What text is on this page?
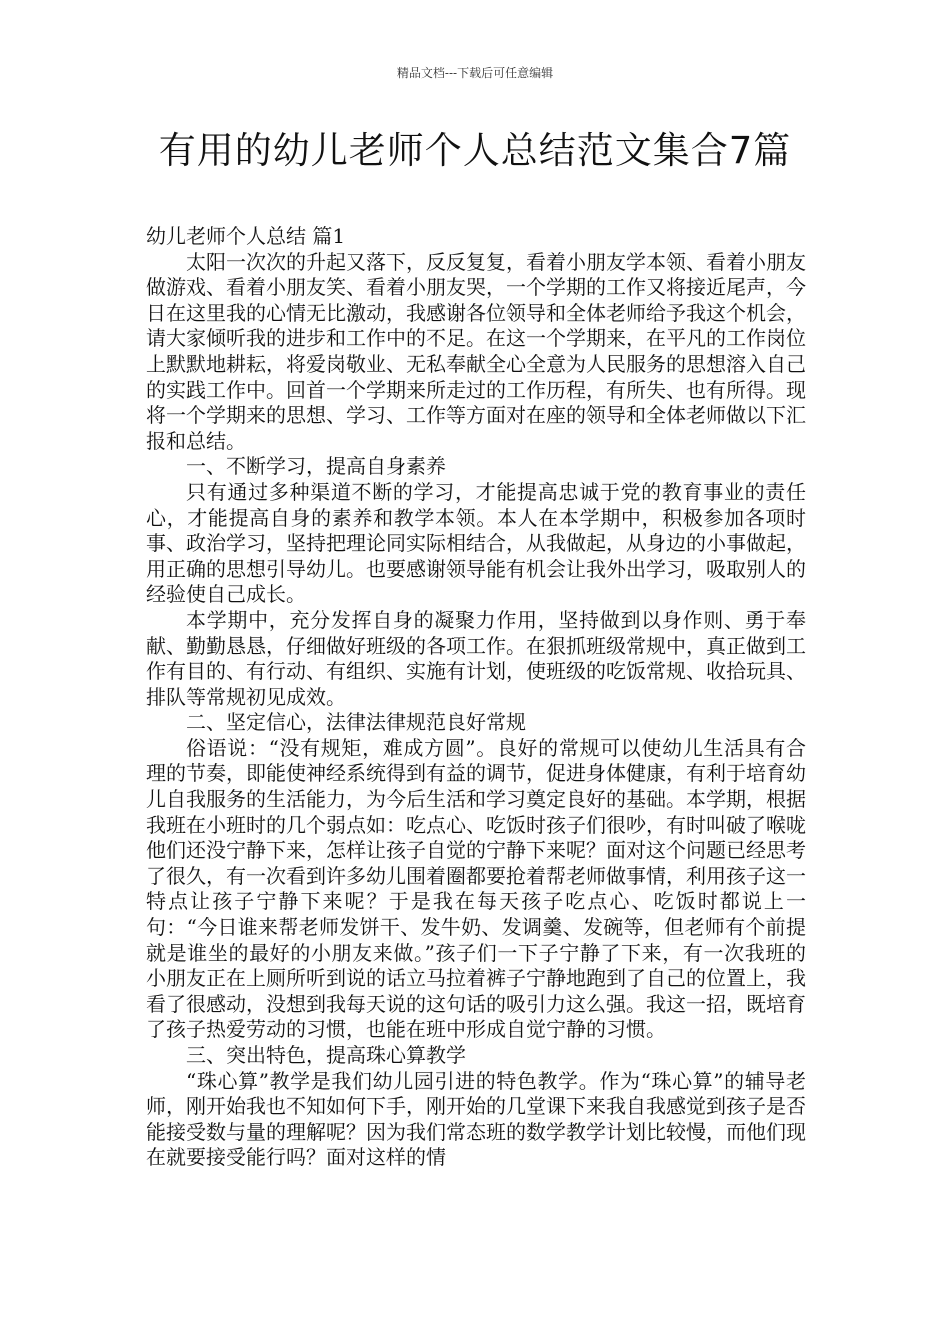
精品文档---下载后可任意编辑
有用的幼儿老师个人总结范文集合7篇

幼儿老师个人总结 篇1

太阳一次次的升起又落下，反反复复，看着小朋友学本领、看着小朋友做游戏、看着小朋友笑、看着小朋友哭，一个学期的工作又将接近尾声，今日在这里我的心情无比激动，我感谢各位领导和全体老师给予我这个机会，请大家倾听我的进步和工作中的不足。在这一个学期来，在平凡的工作岗位上默默地耕耘，将爱岗敬业、无私奉献全心全意为人民服务的思想溶入自己的实践工作中。回首一个学期来所走过的工作历程，有所失、也有所得。现将一个学期来的思想、学习、工作等方面对在座的领导和全体老师做以下汇报和总结。

一、不断学习，提高自身素养

只有通过多种渠道不断的学习，才能提高忠诚于党的教育事业的责任心，才能提高自身的素养和教学本领。本人在本学期中，积极参加各项时事、政治学习，坚持把理论同实际相结合，从我做起，从身边的小事做起，用正确的思想引导幼儿。也要感谢领导能有机会让我外出学习，吸取别人的经验使自己成长。

本学期中，充分发挥自身的凝聚力作用，坚持做到以身作则、勇于奉献、勤勤恳恳，仔细做好班级的各项工作。在狠抓班级常规中，真正做到工作有目的、有行动、有组织、实施有计划，使班级的吃饭常规、收拾玩具、排队等常规初见成效。

二、坚定信心，法律法律规范良好常规

俗语说：“没有规矩，难成方圆”。良好的常规可以使幼儿生活具有合理的节奏，即能使神经系统得到有益的调节，促进身体健康，有利于培育幼儿自我服务的生活能力，为今后生活和学习奠定良好的基础。本学期，根据我班在小班时的几个弱点如：吃点心、吃饭时孩子们很吵，有时叫破了喉咙他们还没宁静下来，怎样让孩子自觉的宁静下来呢？面对这个问题已经思考了很久，有一次看到许多幼儿围着圈都要抢着帮老师做事情，利用孩子这一特点让孩子宁静下来呢？于是我在每天孩子吃点心、吃饭时都说上一句：“今日谁来帮老师发饼干、发牛奶、发调羹、发碗等，但老师有个前提就是谁坐的最好的小朋友来做。”孩子们一下子宁静了下来，有一次我班的小朋友正在上厕所听到说的话立马拉着裤子宁静地跑到了自己的位置上，我看了很感动，没想到我每天说的这句话的吸引力这么强。我这一招，既培育了孩子热爱劳动的习惯，也能在班中形成自觉宁静的习惯。

三、突出特色，提高珠心算教学

“珠心算”教学是我们幼儿园引进的特色教学。作为“珠心算”的辅导老师，刚开始我也不知如何下手，刚开始的几堂课下来我自我感觉到孩子是否能接受数与量的理解呢？因为我们常态班的数学教学计划比较慢，而他们现在就要接受能行吗？面对这样的情
